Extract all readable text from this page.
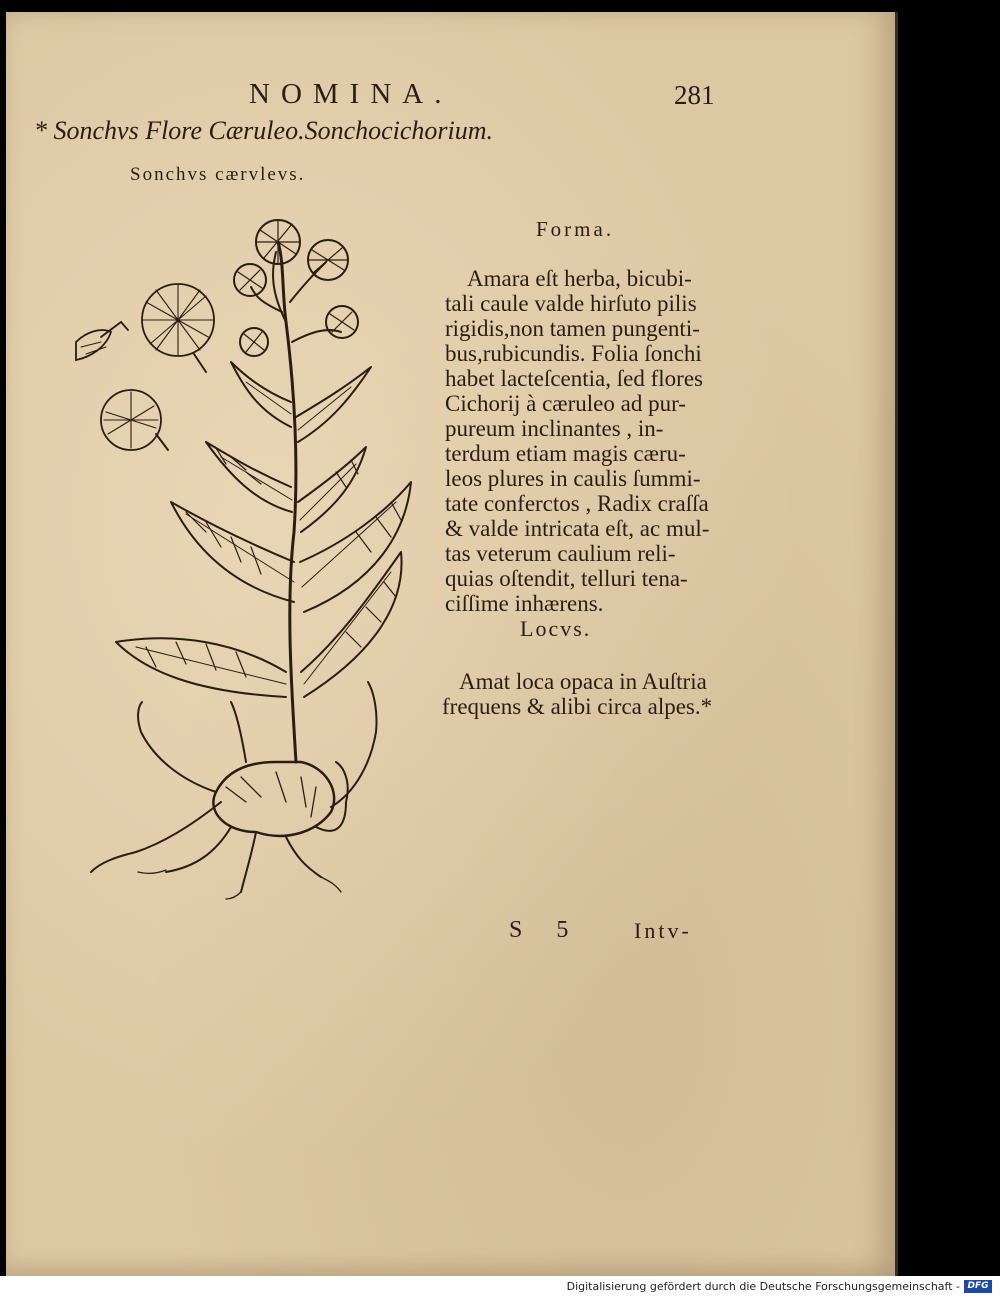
NOMINA.	281
* Sonchvs Flore Cæruleo.Sonchocichorium.
Sonchvs cærvlevs.
Forma.
Amara eſt herba, bicubi-
tali caule valde hirſuto pilis
rigidis,non tamen pungenti-
bus,rubicundis. Folia ſonchi
habet lacteſcentia, ſed flores
Cichorij à cæruleo ad pur-
pureum inclinantes , in-
terdum etiam magis cæru-
leos plures in caulis ſummi-
tate conferctos , Radix craſſa
& valde intricata eſt, ac mul-
tas veterum caulium reli-
quias oſtendit, telluri tena-
ciſſime inhærens.
Locvs.
Amat loca opaca in Auſtria
frequens & alibi circa alpes.*
S 5 Intv-
Digitalisierung gefördert durch die Deutsche Forschungsgemeinschaft - DFG
